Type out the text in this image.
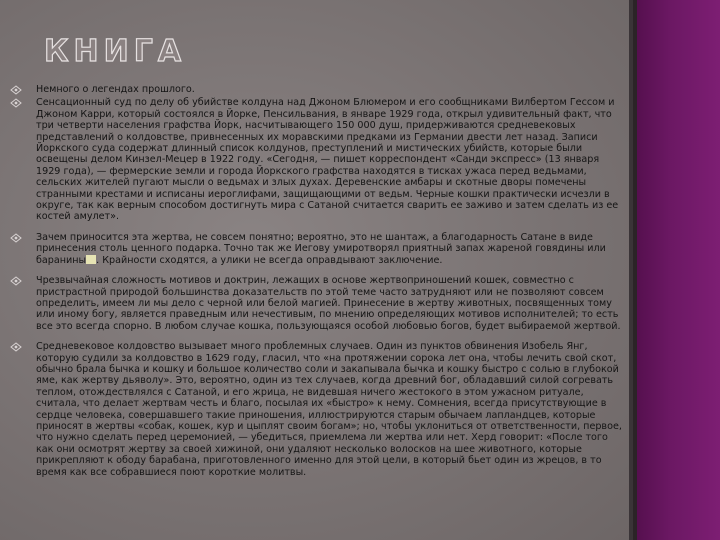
КНИГА
Немного о легендах прошлого.
Сенсационный суд по делу об убийстве колдуна над Джоном Блюмером и его сообщниками Вилбертом Гессом и Джоном Карри, который состоялся в Йорке, Пенсильвания, в январе 1929 года, открыл удивительный факт, что три четверти населения графства Йорк, насчитывающего 150 000 душ, придерживаются средневековых представлений о колдовстве, привнесенных их моравскими предками из Германии двести лет назад. Записи Йоркского суда содержат длинный список колдунов, преступлений и мистических убийств, которые были освещены делом Кинзел-Мецер в 1922 году. «Сегодня, — пишет корреспондент «Санди экспресс» (13 января 1929 года), — фермерские земли и города Йоркского графства находятся в тисках ужаса перед ведьмами, сельских жителей пугают мысли о ведьмах и злых духах. Деревенские амбары и скотные дворы помечены странными крестами и исписаны иероглифами, защищающими от ведьм. Черные кошки практически исчезли в округе, так как верным способом достигнуть мира с Сатаной считается сварить ее заживо и затем сделать из ее костей амулет».
Зачем приносится эта жертва, не совсем понятно; вероятно, это не шантаж, а благодарность Сатане в виде принесения столь ценного подарка. Точно так же Иегову умиротворял приятный запах жареной говядины или баранины . Крайности сходятся, а улики не всегда оправдывают заключение.
Чрезвычайная сложность мотивов и доктрин, лежащих в основе жертвоприношений кошек, совместно с пристрастной природой большинства доказательств по этой теме часто затрудняют или не позволяют совсем определить, имеем ли мы дело с черной или белой магией. Принесение в жертву животных, посвященных тому или иному богу, является праведным или нечестивым, по мнению определяющих мотивов исполнителей; то есть все это всегда спорно. В любом случае кошка, пользующаяся особой любовью богов, будет выбираемой жертвой.
Средневековое колдовство вызывает много проблемных случаев. Один из пунктов обвинения Изобель Янг, которую судили за колдовство в 1629 году, гласил, что «на протяжении сорока лет она, чтобы лечить свой скот, обычно брала бычка и кошку и большое количество соли и закапывала бычка и кошку быстро с солью в глубокой яме, как жертву дьяволу». Это, вероятно, один из тех случаев, когда древний бог, обладавший силой согревать теплом, отождествлялся с Сатаной, и его жрица, не видевшая ничего жестокого в этом ужасном ритуале, считала, что делает жертвам честь и благо, посылая их «быстро» к нему. Сомнения, всегда присутствующие в сердце человека, совершавшего такие приношения, иллюстрируются старым обычаем лапландцев, которые приносят в жертвы «собак, кошек, кур и цыплят своим богам»; но, чтобы уклониться от ответственности, первое, что нужно сделать перед церемонией, — убедиться, приемлема ли жертва или нет. Херд говорит: «После того как они осмотрят жертву за своей хижиной, они удаляют несколько волосков на шее животного, которые прикрепляют к ободу барабана, приготовленного именно для этой цели, в который бьет один из жрецов, в то время как все собравшиеся поют короткие молитвы.
